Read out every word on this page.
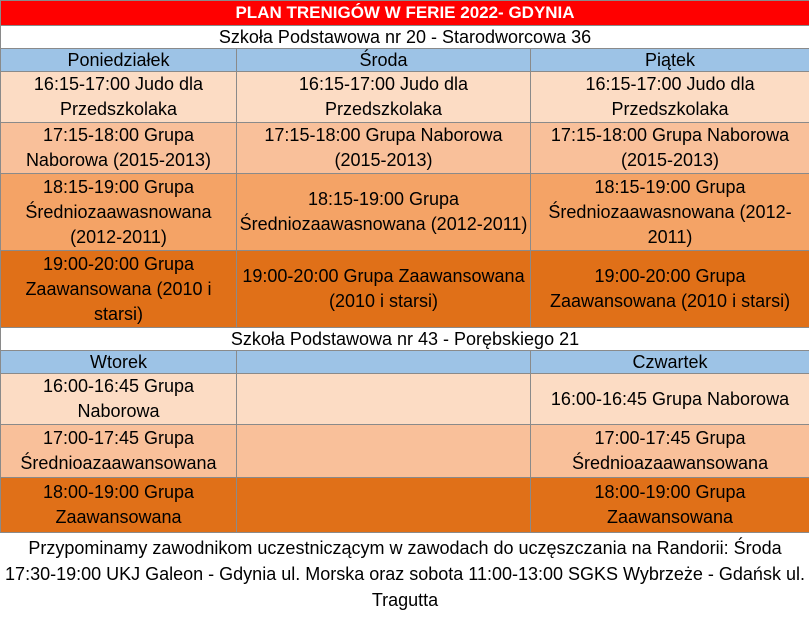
PLAN TRENIGÓW W FERIE 2022- GDYNIA		
Szkoła Podstawowa nr 20 - Starodworcowa 36		
Poniedziałek	Środa	Piątek
16:15-17:00 Judo dla Przedszkolaka	16:15-17:00 Judo dla Przedszkolaka	16:15-17:00 Judo dla Przedszkolaka
17:15-18:00 Grupa Naborowa (2015-2013)	17:15-18:00 Grupa Naborowa (2015-2013)	17:15-18:00 Grupa Naborowa (2015-2013)
18:15-19:00 Grupa Średniozaawasnowana (2012-2011)	18:15-19:00 Grupa Średniozaawasnowana (2012-2011)	18:15-19:00 Grupa Średniozaawasnowana (2012-2011)
19:00-20:00 Grupa Zaawansowana (2010 i starsi)	19:00-20:00 Grupa Zaawansowana (2010 i starsi)	19:00-20:00 Grupa Zaawansowana (2010 i starsi)
Szkoła Podstawowa nr 43 - Porębskiego 21		
Wtorek		Czwartek
16:00-16:45 Grupa Naborowa		16:00-16:45 Grupa Naborowa
17:00-17:45 Grupa Średnioazaawansowana		17:00-17:45 Grupa Średnioazaawansowana
18:00-19:00 Grupa Zaawansowana		18:00-19:00 Grupa Zaawansowana
Przypominamy zawodnikom uczestniczącym w zawodach do uczęszczania na Randorii: Środa 17:30-19:00 UKJ Galeon - Gdynia ul. Morska oraz sobota 11:00-13:00 SGKS Wybrzeże - Gdańsk ul. Tragutta		
